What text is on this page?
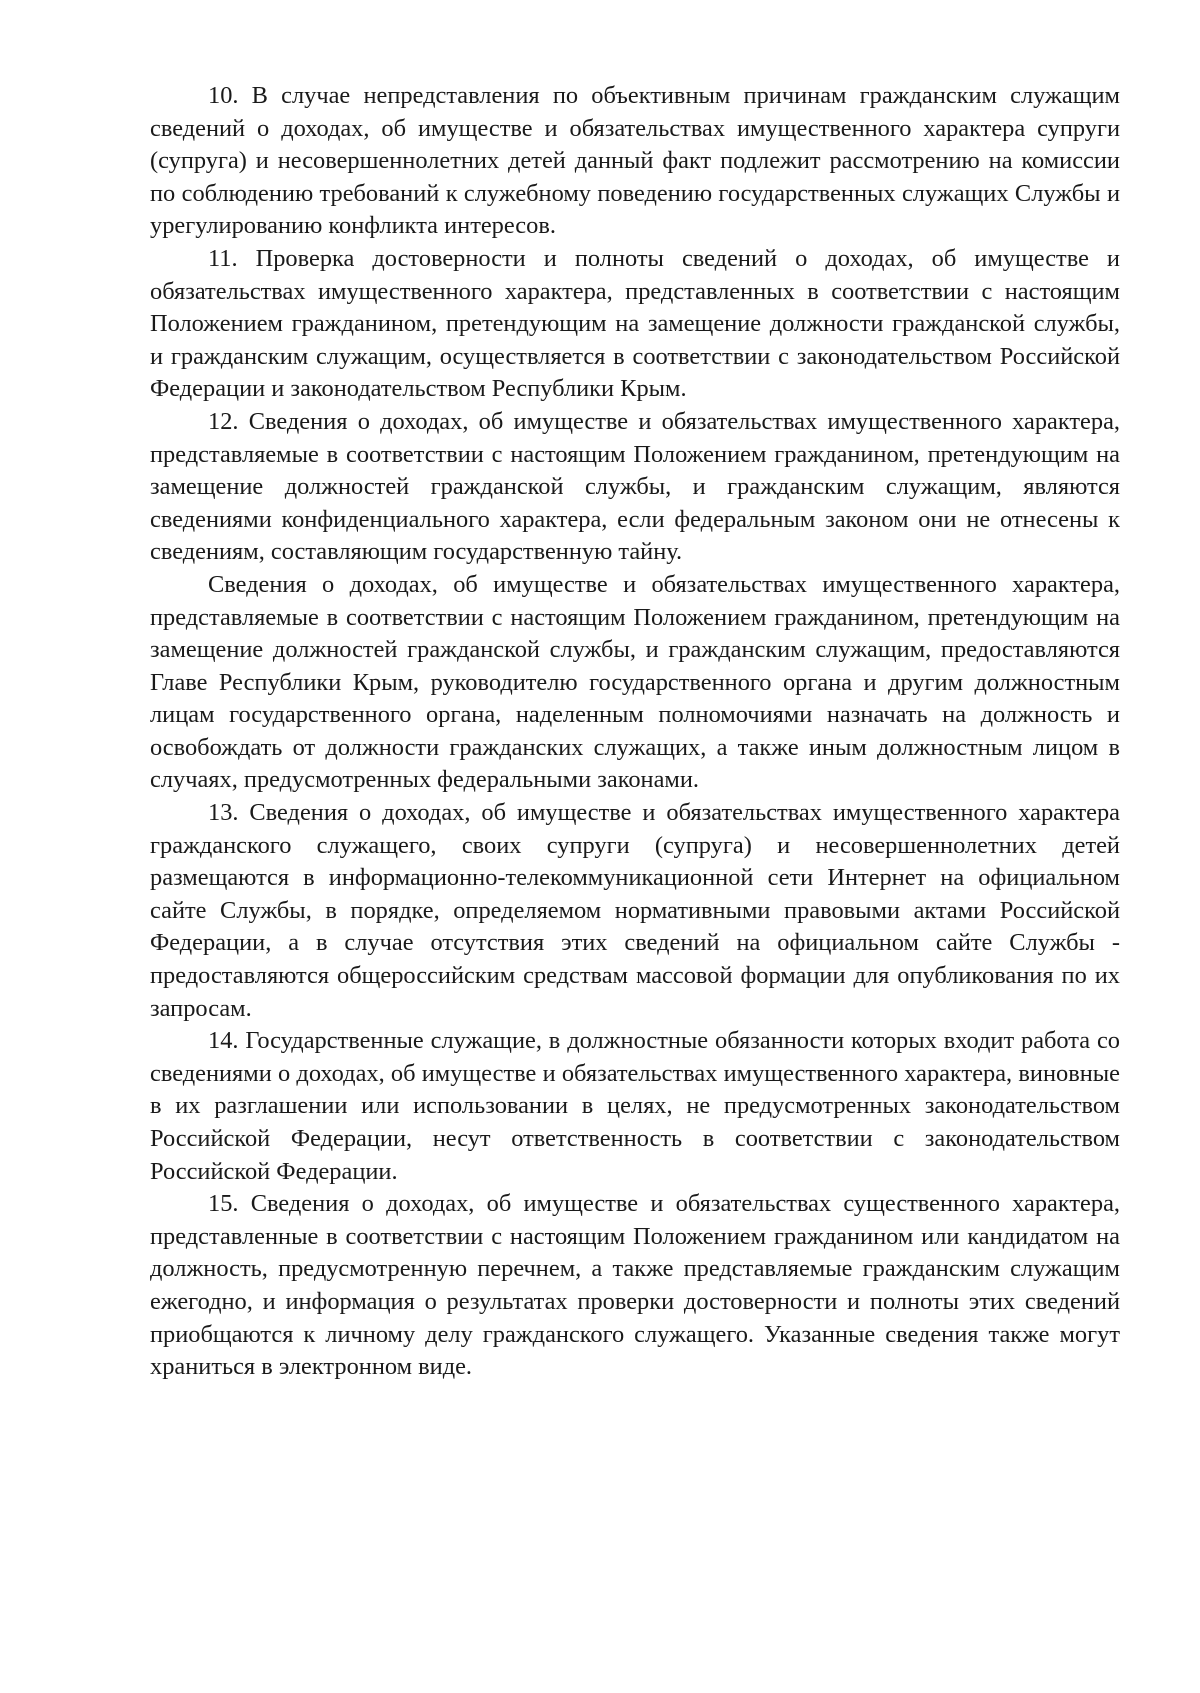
10. В случае непредставления по объективным причинам гражданским служащим сведений о доходах, об имуществе и обязательствах имущественного характера супруги (супруга) и несовершеннолетних детей данный факт подлежит рассмотрению на комиссии по соблюдению требований к служебному поведению государственных служащих Службы и урегулированию конфликта интересов.

11. Проверка достоверности и полноты сведений о доходах, об имуществе и обязательствах имущественного характера, представленных в соответствии с настоящим Положением гражданином, претендующим на замещение должности гражданской службы, и гражданским служащим, осуществляется в соответствии с законодательством Российской Федерации и законодательством Республики Крым.

12. Сведения о доходах, об имуществе и обязательствах имущественного характера, представляемые в соответствии с настоящим Положением гражданином, претендующим на замещение должностей гражданской службы, и гражданским служащим, являются сведениями конфиденциального характера, если федеральным законом они не отнесены к сведениям, составляющим государственную тайну.

Сведения о доходах, об имуществе и обязательствах имущественного характера, представляемые в соответствии с настоящим Положением гражданином, претендующим на замещение должностей гражданской службы, и гражданским служащим, предоставляются Главе Республики Крым, руководителю государственного органа и другим должностным лицам государственного органа, наделенным полномочиями назначать на должность и освобождать от должности гражданских служащих, а также иным должностным лицом в случаях, предусмотренных федеральными законами.

13. Сведения о доходах, об имуществе и обязательствах имущественного характера гражданского служащего, своих супруги (супруга) и несовершеннолетних детей размещаются в информационно-телекоммуникационной сети Интернет на официальном сайте Службы, в порядке, определяемом нормативными правовыми актами Российской Федерации, а в случае отсутствия этих сведений на официальном сайте Службы - предоставляются общероссийским средствам массовой формации для опубликования по их запросам.

14. Государственные служащие, в должностные обязанности которых входит работа со сведениями о доходах, об имуществе и обязательствах имущественного характера, виновные в их разглашении или использовании в целях, не предусмотренных законодательством Российской Федерации, несут ответственность в соответствии с законодательством Российской Федерации.

15. Сведения о доходах, об имуществе и обязательствах существенного характера, представленные в соответствии с настоящим Положением гражданином или кандидатом на должность, предусмотренную перечнем, а также представляемые гражданским служащим ежегодно, и информация о результатах проверки достоверности и полноты этих сведений приобщаются к личному делу гражданского служащего. Указанные сведения также могут храниться в электронном виде.
